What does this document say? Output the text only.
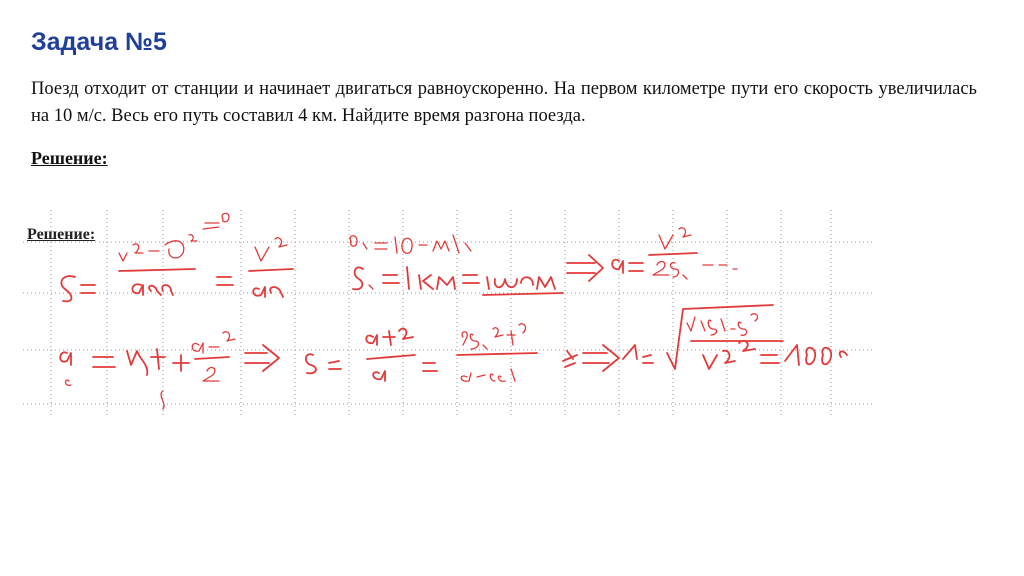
Задача №5

Поезд отходит от станции и начинает двигаться равноускоренно. На первом километре пути его скорость увеличилась на 10 м/с. Весь его путь составил 4 км. Найдите время разгона поезда.

Решение:
Решение:
